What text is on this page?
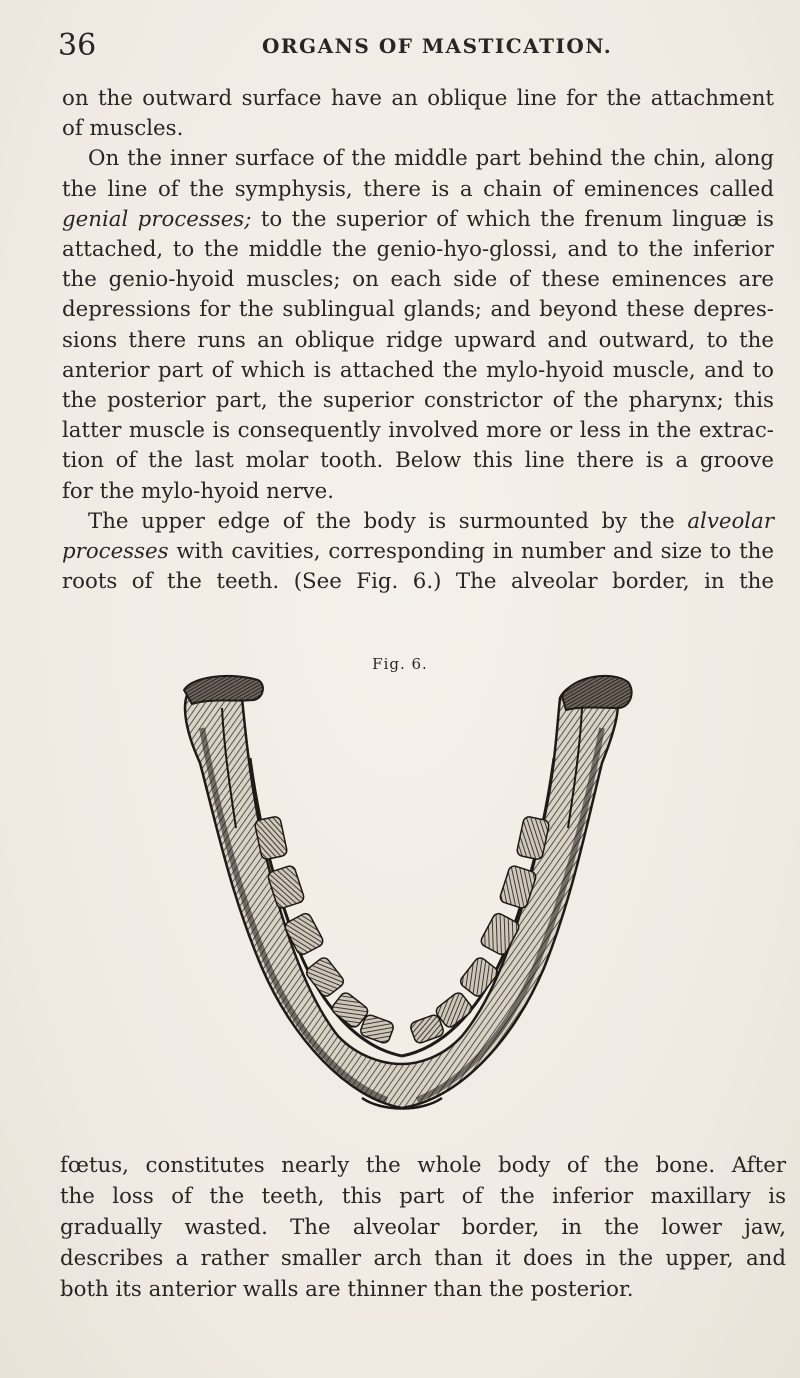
36	ORGANS OF MASTICATION.
on the outward surface have an oblique line for the attachment
of muscles.
On the inner surface of the middle part behind the chin, along
the line of the symphysis, there is a chain of eminences called
genial processes; to the superior of which the frenum linguæ is
attached, to the middle the genio-hyo-glossi, and to the inferior
the genio-hyoid muscles; on each side of these eminences are
depressions for the sublingual glands; and beyond these depres-
sions there runs an oblique ridge upward and outward, to the
anterior part of which is attached the mylo-hyoid muscle, and to
the posterior part, the superior constrictor of the pharynx; this
latter muscle is consequently involved more or less in the extrac-
tion of the last molar tooth. Below this line there is a groove
for the mylo-hyoid nerve.
The upper edge of the body is surmounted by the alveolar
processes with cavities, corresponding in number and size to the
roots of the teeth. (See Fig. 6.) The alveolar border, in the
Fig. 6.
fœtus, constitutes nearly the whole body of the bone. After
the loss of the teeth, this part of the inferior maxillary is
gradually wasted. The alveolar border, in the lower jaw,
describes a rather smaller arch than it does in the upper, and
both its anterior walls are thinner than the posterior.
